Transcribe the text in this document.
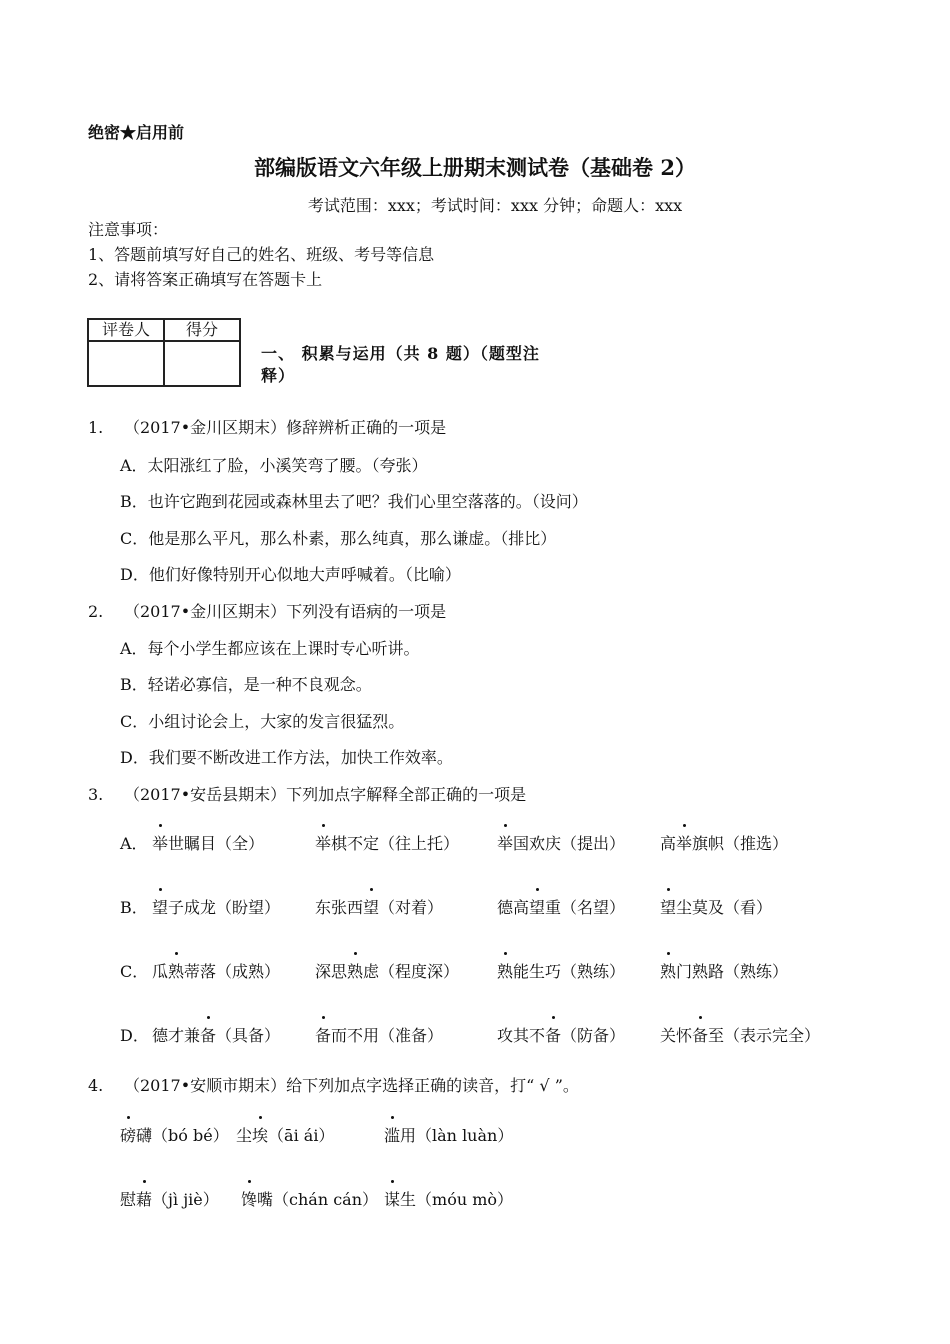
绝密★启用前
部编版语文六年级上册期末测试卷（基础卷 2）
考试范围：xxx；考试时间：xxx 分钟；命题人：xxx
注意事项：
1、答题前填写好自己的姓名、班级、考号等信息
2、请将答案正确填写在答题卡上
评卷人	得分

一、 积累与运用（共 8 题）（题型注
释）
1. （2017•金川区期末）修辞辨析正确的一项是
A．太阳涨红了脸，小溪笑弯了腰。（夸张）
B．也许它跑到花园或森林里去了吧？我们心里空落落的。（设问）
C．他是那么平凡，那么朴素，那么纯真，那么谦虚。（排比）
D．他们好像特别开心似地大声呼喊着。（比喻）
2. （2017•金川区期末）下列没有语病的一项是
A．每个小学生都应该在上课时专心听讲。
B．轻诺必寡信，是一种不良观念。
C．小组讨论会上，大家的发言很猛烈。
D．我们要不断改进工作方法，加快工作效率。
3. （2017•安岳县期末）下列加点字解释全部正确的一项是
A． 举世瞩目（全）	举棋不定（往上托） 举国欢庆（提出） 高举旗帜（推选）
B． 望子成龙（盼望） 东张西望（对着）	德高望重（名望） 望尘莫及（看）
C． 瓜熟蒂落（成熟） 深思熟虑（程度深） 熟能生巧（熟练） 熟门熟路（熟练）
D． 德才兼备（具备） 备而不用（准备）	攻其不备（防备） 关怀备至（表示完全）
4. （2017•安顺市期末）给下列加点字选择正确的读音，打“ √ ”。
磅礴（bó bé） 尘埃（āi ái）	滥用（làn luàn）
慰藉（jì jiè） 馋嘴（chán cán） 谋生（móu mò）
